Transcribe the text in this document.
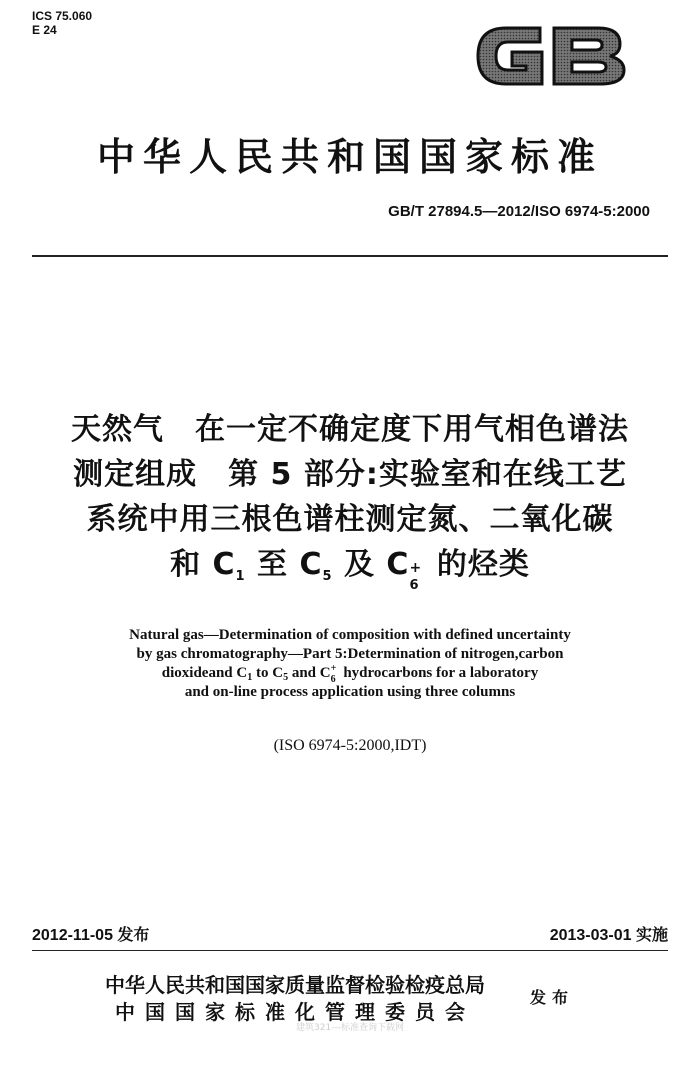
ICS 75.060
E 24
中华人民共和国国家标准
GB/T 27894.5—2012/ISO 6974-5:2000
天然气　在一定不确定度下用气相色谱法
测定组成　第 5 部分:实验室和在线工艺
系统中用三根色谱柱测定氮、二氧化碳
和 $C_1$ 至 $C_5$ 及 C +
6
的烃类
Natural gas—Determination of composition with defined uncertainty
by gas chromatography—Part 5:Determination of nitrogen,carbon
dioxideand $C_1$ to $C_5$ and C +
6 hydrocarbons for a laboratory
and on-line process application using three columns
(ISO 6974-5:2000,IDT)
2012-11-05 发布	2013-03-01 实施
中华人民共和国国家质量监督检验检疫总局
中国国家标准化管理委员会
发布
建筑321---标准查询下载网
